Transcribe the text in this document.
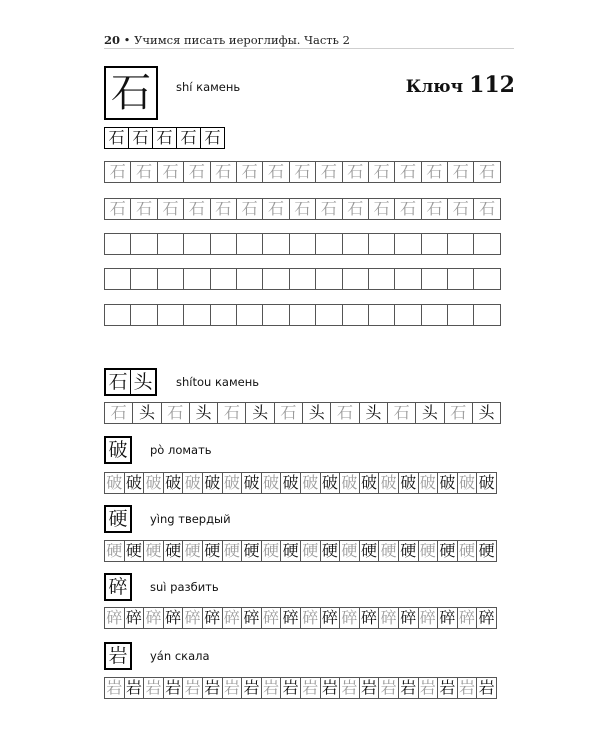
20 • Учимся писать иероглифы. Часть 2
石	shí камень	Ключ 112
石 石 石 石 石
石 石 石 石 石 石 石 石 石 石 石 石 石 石 石
石 石 石 石 石 石 石 石 石 石 石 石 石 石 石
石 头 shítou камень
石 头 石 头 石 头 石 头 石 头 石 头 石 头
破 pò ломать
破 破 破 破 破 破 破 破 破 破 破 破 破 破 破 破 破 破 破 破
硬 yìng твердый
硬 硬 硬 硬 硬 硬 硬 硬 硬 硬 硬 硬 硬 硬 硬 硬 硬 硬 硬 硬
碎 suì разбить
碎 碎 碎 碎 碎 碎 碎 碎 碎 碎 碎 碎 碎 碎 碎 碎 碎 碎 碎 碎
岩 yán скала
岩 岩 岩 岩 岩 岩 岩 岩 岩 岩 岩 岩 岩 岩 岩 岩 岩 岩 岩 岩
